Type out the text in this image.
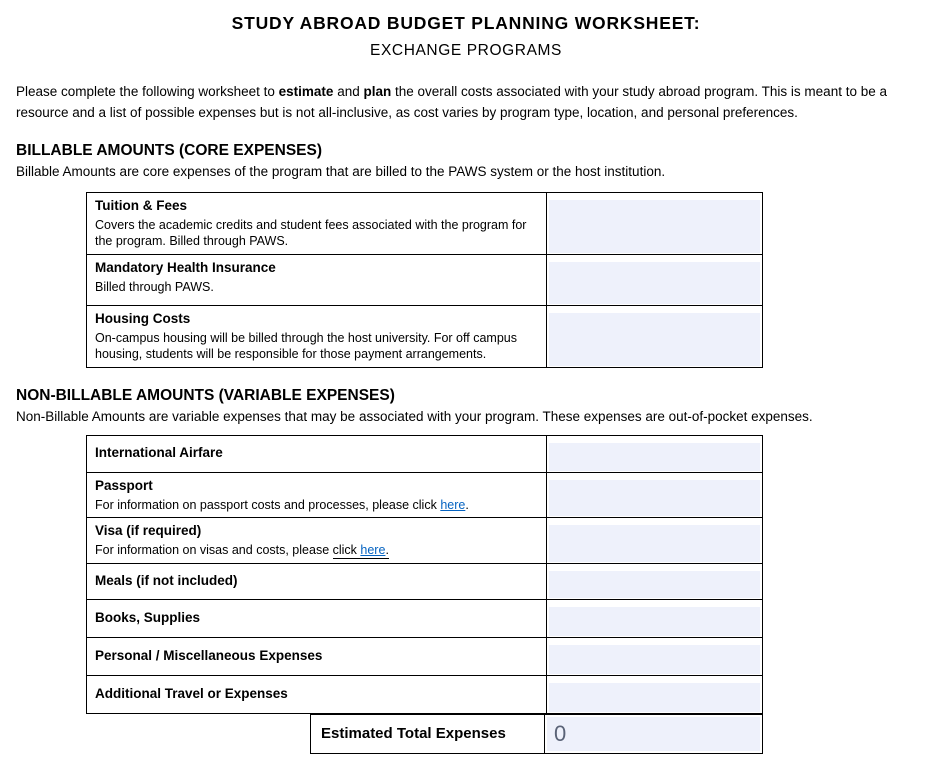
STUDY ABROAD BUDGET PLANNING WORKSHEET:
EXCHANGE PROGRAMS
Please complete the following worksheet to estimate and plan the overall costs associated with your study abroad program. This is meant to be a resource and a list of possible expenses but is not all-inclusive, as cost varies by program type, location, and personal preferences.
BILLABLE AMOUNTS (CORE EXPENSES)
Billable Amounts are core expenses of the program that are billed to the PAWS system or the host institution.
Tuition & Fees
Covers the academic credits and student fees associated with the program for the program. Billed through PAWS.
Mandatory Health Insurance
Billed through PAWS.
Housing Costs
On-campus housing will be billed through the host university. For off campus housing, students will be responsible for those payment arrangements.
NON-BILLABLE AMOUNTS (VARIABLE EXPENSES)
Non-Billable Amounts are variable expenses that may be associated with your program. These expenses are out-of-pocket expenses.
International Airfare
Passport
For information on passport costs and processes, please click here.
Visa (if required)
For information on visas and costs, please click here.
Meals (if not included)
Books, Supplies
Personal / Miscellaneous Expenses
Additional Travel or Expenses
Estimated Total Expenses	0
